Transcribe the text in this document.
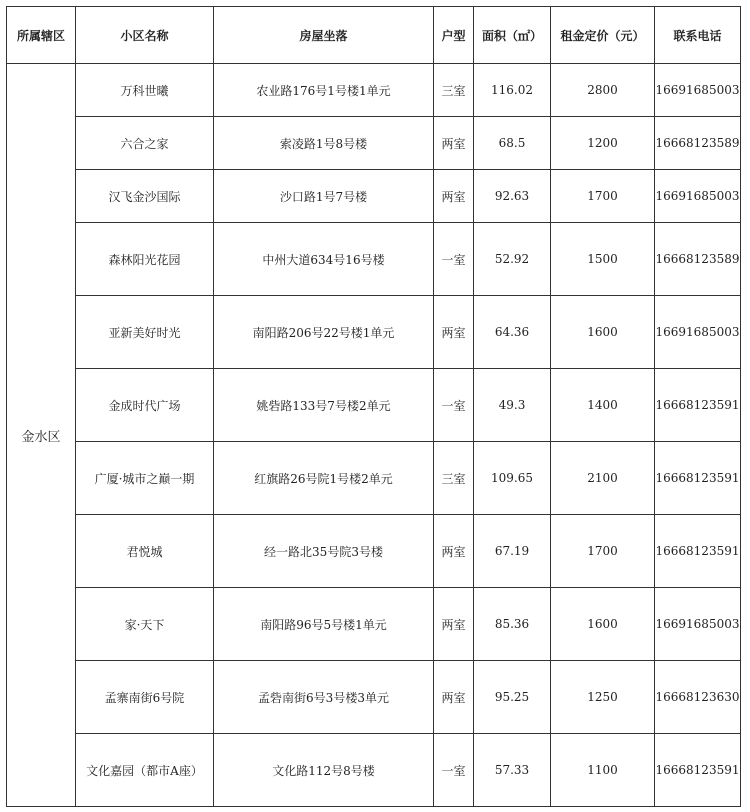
所属辖区	小区名称	房屋坐落	户型	面积（㎡）	租金定价（元）	联系电话
金水区	万科世曦	农业路176号1号楼1单元	三室	116.02	2800	16691685003
	六合之家	索凌路1号8号楼	两室	68.5	1200	16668123589
	汉飞金沙国际	沙口路1号7号楼	两室	92.63	1700	16691685003
	森林阳光花园	中州大道634号16号楼	一室	52.92	1500	16668123589
	亚新美好时光	南阳路206号22号楼1单元	两室	64.36	1600	16691685003
	金成时代广场	姚砦路133号7号楼2单元	一室	49.3	1400	16668123591
	广厦·城市之巅一期	红旗路26号院1号楼2单元	三室	109.65	2100	16668123591
	君悦城	经一路北35号院3号楼	两室	67.19	1700	16668123591
	家·天下	南阳路96号5号楼1单元	两室	85.36	1600	16691685003
	孟寨南街6号院	孟砦南街6号3号楼3单元	两室	95.25	1250	16668123630
	文化嘉园（都市A座）	文化路112号8号楼	一室	57.33	1100	16668123591
